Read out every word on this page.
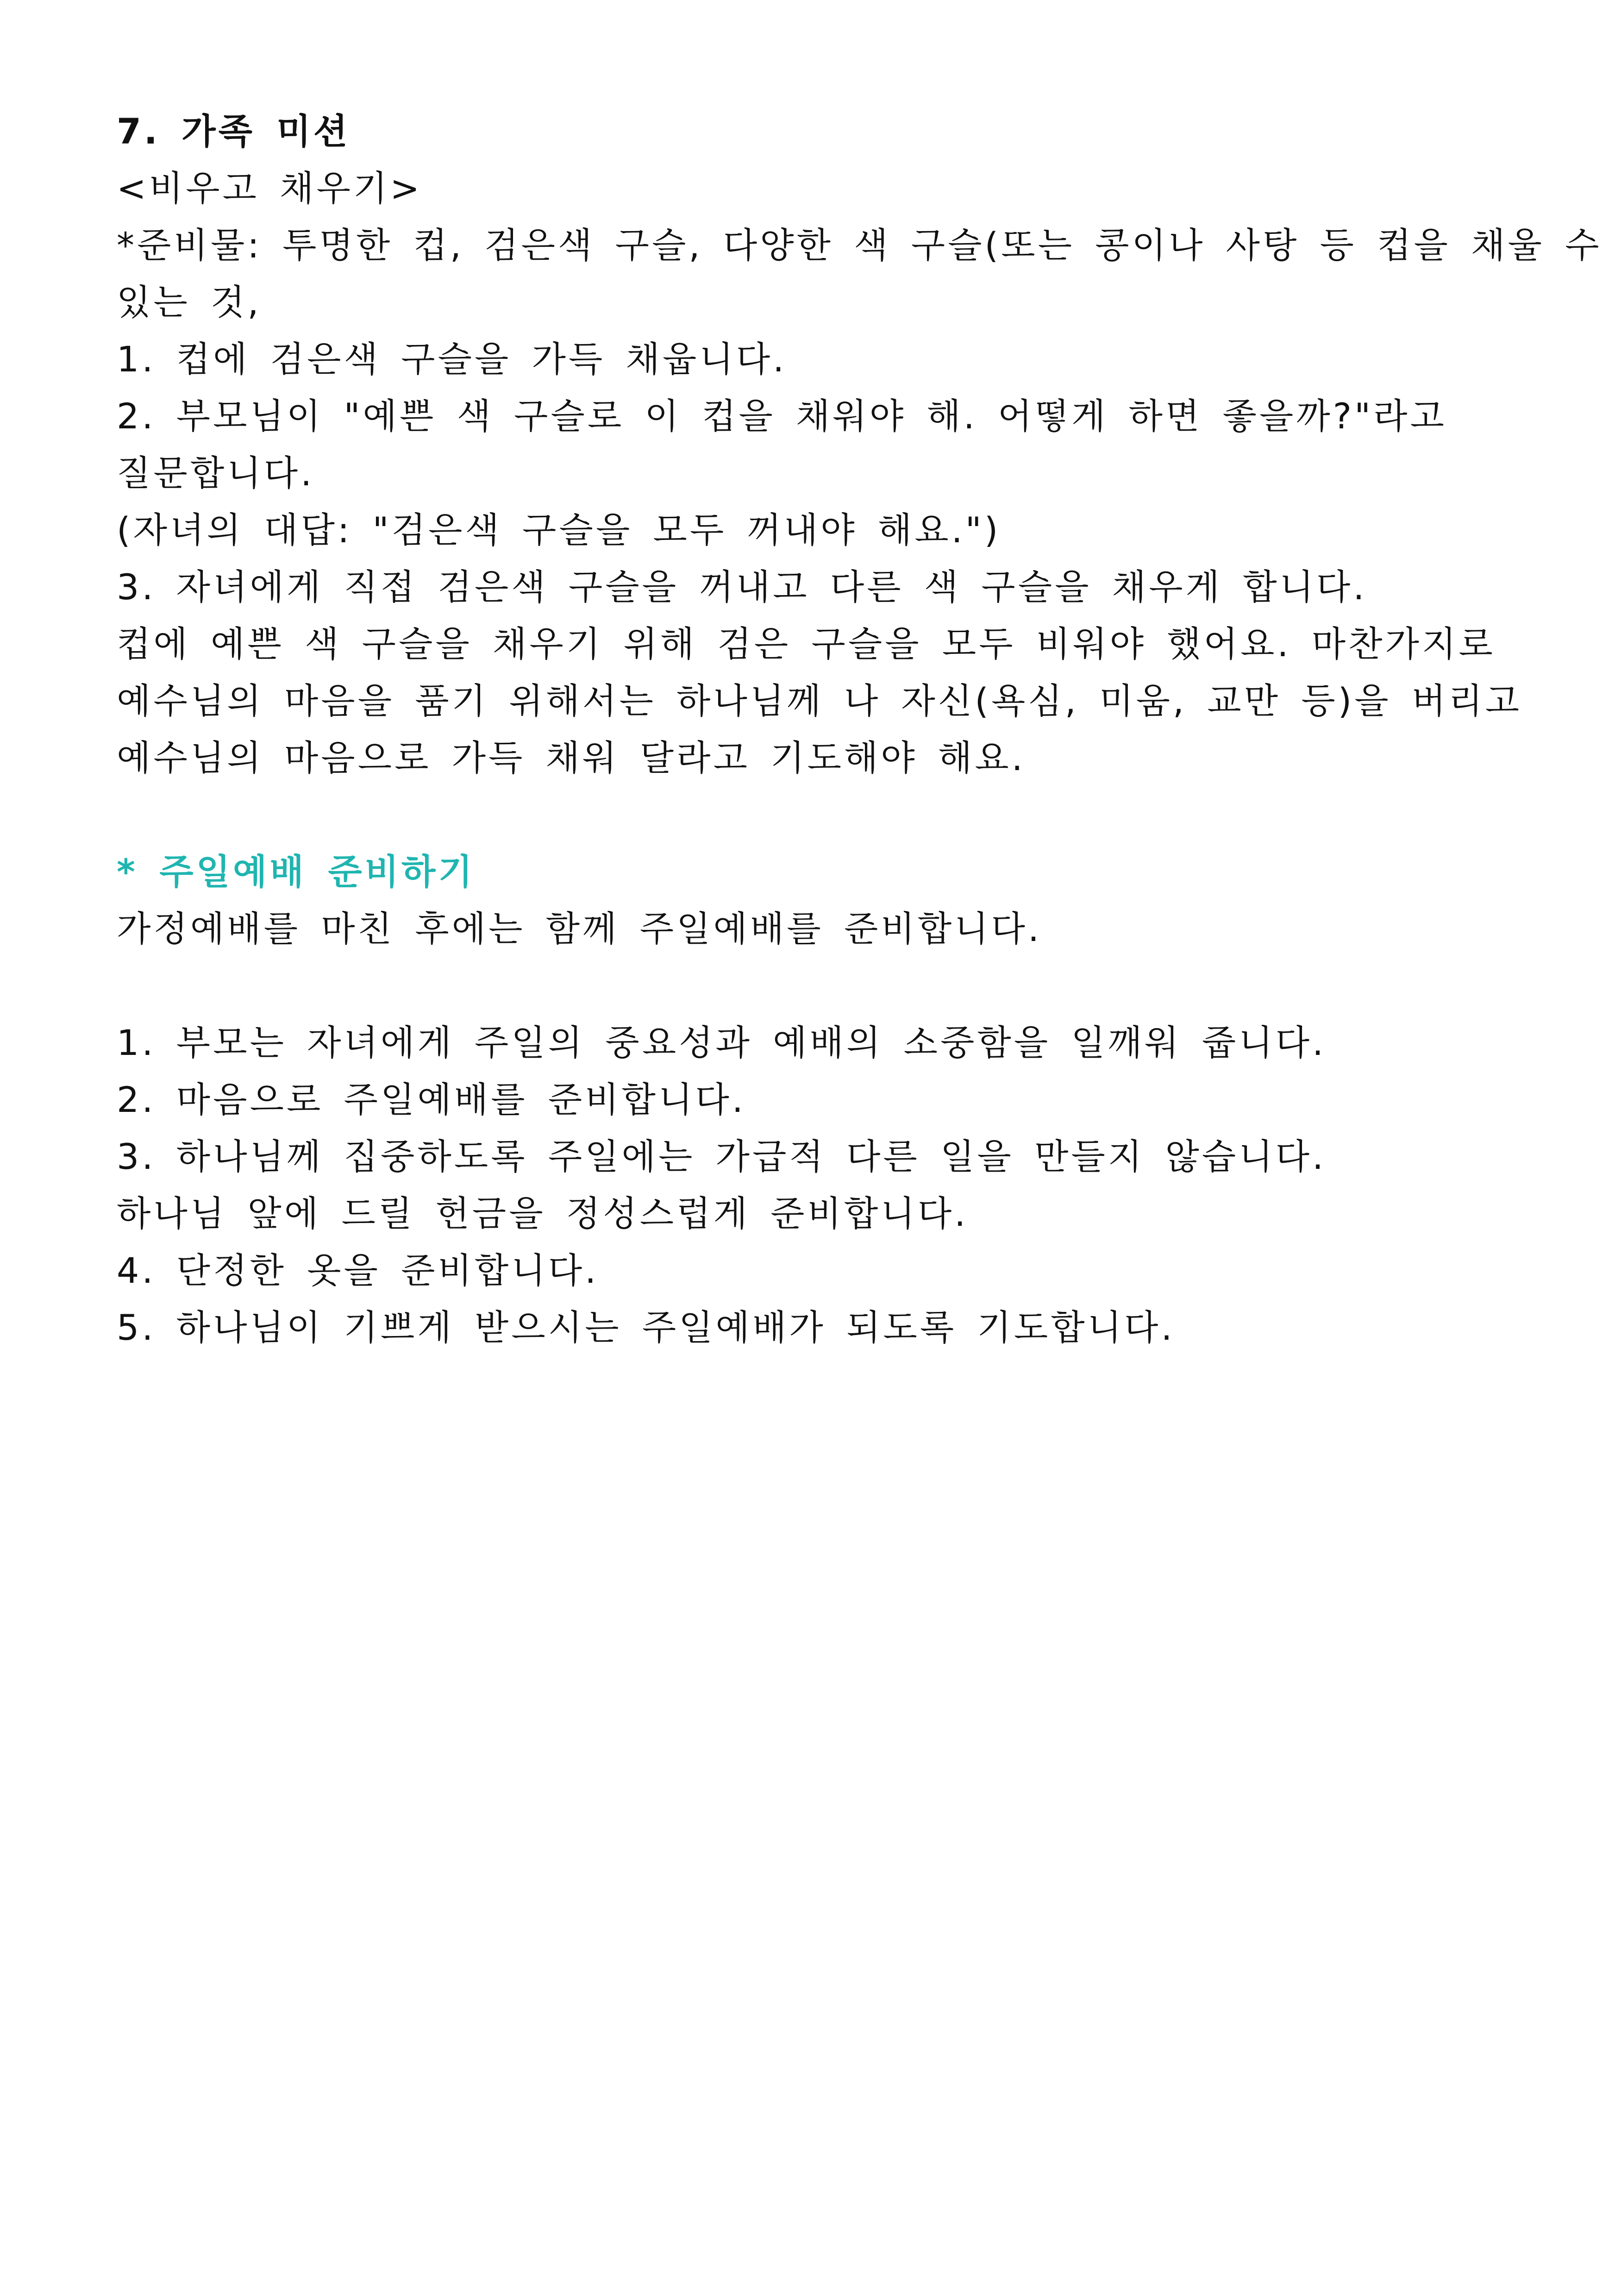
7. 가족 미션
<비우고 채우기>
*준비물: 투명한 컵, 검은색 구슬, 다양한 색 구슬(또는 콩이나 사탕 등 컵을 채울 수
있는 것,
1. 컵에 검은색 구슬을 가득 채웁니다.
2. 부모님이 "예쁜 색 구슬로 이 컵을 채워야 해. 어떻게 하면 좋을까?"라고
질문합니다.
(자녀의 대답: "검은색 구슬을 모두 꺼내야 해요.")
3. 자녀에게 직접 검은색 구슬을 꺼내고 다른 색 구슬을 채우게 합니다.
컵에 예쁜 색 구슬을 채우기 위해 검은 구슬을 모두 비워야 했어요. 마찬가지로
예수님의 마음을 품기 위해서는 하나님께 나 자신(욕심, 미움, 교만 등)을 버리고
예수님의 마음으로 가득 채워 달라고 기도해야 해요.
* 주일예배 준비하기
가정예배를 마친 후에는 함께 주일예배를 준비합니다.
1. 부모는 자녀에게 주일의 중요성과 예배의 소중함을 일깨워 줍니다.
2. 마음으로 주일예배를 준비합니다.
3. 하나님께 집중하도록 주일에는 가급적 다른 일을 만들지 않습니다.
하나님 앞에 드릴 헌금을 정성스럽게 준비합니다.
4. 단정한 옷을 준비합니다.
5. 하나님이 기쁘게 받으시는 주일예배가 되도록 기도합니다.
